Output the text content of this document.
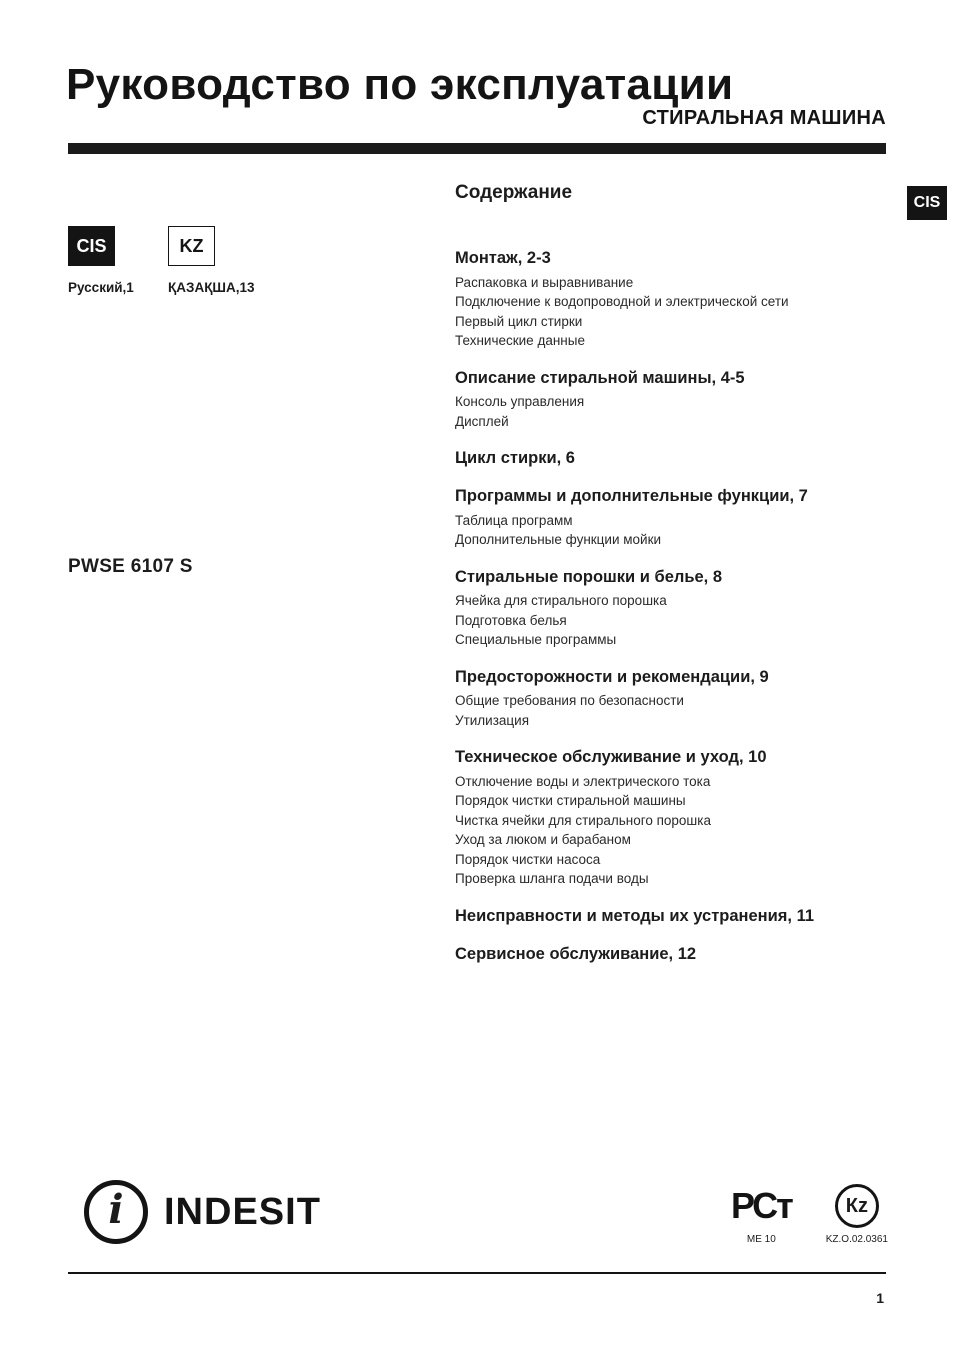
Руководство по эксплуатации
СТИРАЛЬНАЯ МАШИНА
CIS
CIS	KZ
Русский,1	ҚАЗАҚША,13
PWSE 6107 S
Содержание
Монтаж, 2-3
Распаковка и выравнивание
Подключение к водопроводной и электрической сети
Первый цикл стирки
Технические данные
Описание стиральной машины, 4-5
Консоль управления
Дисплей
Цикл стирки, 6
Программы и дополнительные функции, 7
Таблица программ
Дополнительные функции мойки
Стиральные порошки и белье, 8
Ячейка для стирального порошка
Подготовка белья
Специальные программы
Предосторожности и рекомендации, 9
Общие требования по безопасности
Утилизация
Техническое обслуживание и уход, 10
Отключение воды и электрического тока
Порядок чистки стиральной машины
Чистка ячейки для стирального порошка
Уход за люком и барабаном
Порядок чистки насоса
Проверка шланга подачи воды
Неисправности и методы их устранения, 11
Сервисное обслуживание, 12
i INDESIT	РСт
МЕ 10
Кz
KZ.O.02.0361
1
